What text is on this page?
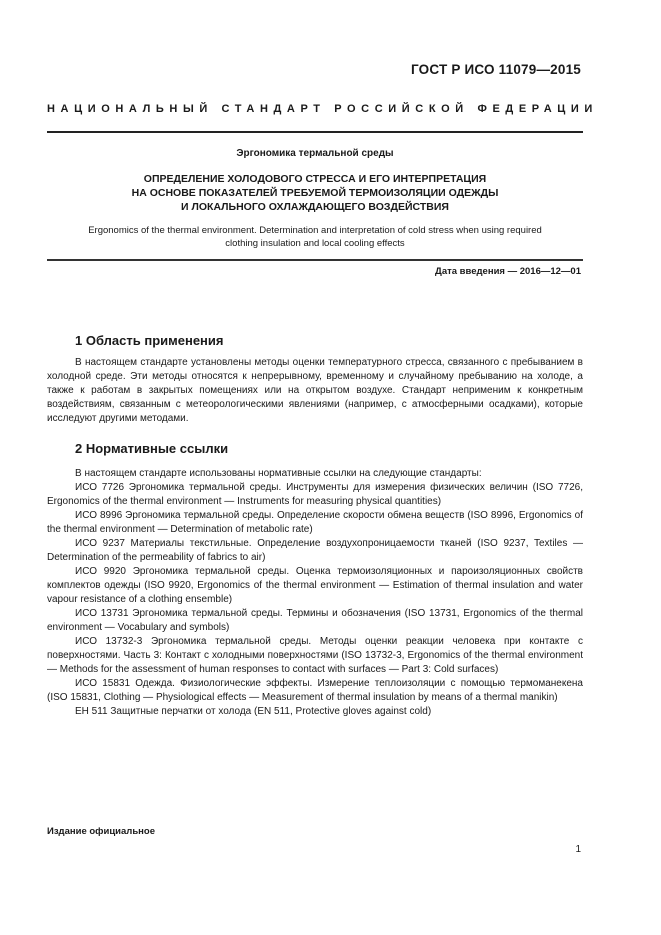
ГОСТ Р ИСО 11079—2015
НАЦИОНАЛЬНЫЙ СТАНДАРТ РОССИЙСКОЙ ФЕДЕРАЦИИ
Эргономика термальной среды
ОПРЕДЕЛЕНИЕ ХОЛОДОВОГО СТРЕССА И ЕГО ИНТЕРПРЕТАЦИЯ
НА ОСНОВЕ ПОКАЗАТЕЛЕЙ ТРЕБУЕМОЙ ТЕРМОИЗОЛЯЦИИ ОДЕЖДЫ
И ЛОКАЛЬНОГО ОХЛАЖДАЮЩЕГО ВОЗДЕЙСТВИЯ
Ergonomics of the thermal environment. Determination and interpretation of cold stress when using required
clothing insulation and local cooling effects
Дата введения — 2016—12—01
1 Область применения

В настоящем стандарте установлены методы оценки температурного стресса, связанного с пребыванием в холодной среде. Эти методы относятся к непрерывному, временному и случайному пребыванию на холоде, а также к работам в закрытых помещениях или на открытом воздухе. Стандарт неприменим к конкретным воздействиям, связанным с метеорологическими явлениями (например, с атмосферными осадками), которые исследуют другими методами.

2 Нормативные ссылки

В настоящем стандарте использованы нормативные ссылки на следующие стандарты:

ИСО 7726 Эргономика термальной среды. Инструменты для измерения физических величин (ISO 7726, Ergonomics of the thermal environment — Instruments for measuring physical quantities)

ИСО 8996 Эргономика термальной среды. Определение скорости обмена веществ (ISO 8996, Ergonomics of the thermal environment — Determination of metabolic rate)

ИСО 9237 Материалы текстильные. Определение воздухопроницаемости тканей (ISO 9237, Textiles — Determination of the permeability of fabrics to air)

ИСО 9920 Эргономика термальной среды. Оценка термоизоляционных и паpоизоляционных свойств комплектов одежды (ISO 9920, Ergonomics of the thermal environment — Estimation of thermal insulation and water vapour resistance of a clothing ensemble)

ИСО 13731 Эргономика термальной среды. Термины и обозначения (ISO 13731, Ergonomics of the thermal environment — Vocabulary and symbols)

ИСО 13732-3 Эргономика термальной среды. Методы оценки реакции человека при контакте с поверхностями. Часть 3: Контакт с холодными поверхностями (ISO 13732-3, Ergonomics of the thermal environment — Methods for the assessment of human responses to contact with surfaces — Part 3: Cold surfaces)

ИСО 15831 Одежда. Физиологические эффекты. Измерение теплоизоляции с помощью термоманекена (ISO 15831, Clothing — Physiological effects — Measurement of thermal insulation by means of a thermal manikin)

ЕН 511 Защитные перчатки от холода (EN 511, Protective gloves against cold)

Издание официальное
1
